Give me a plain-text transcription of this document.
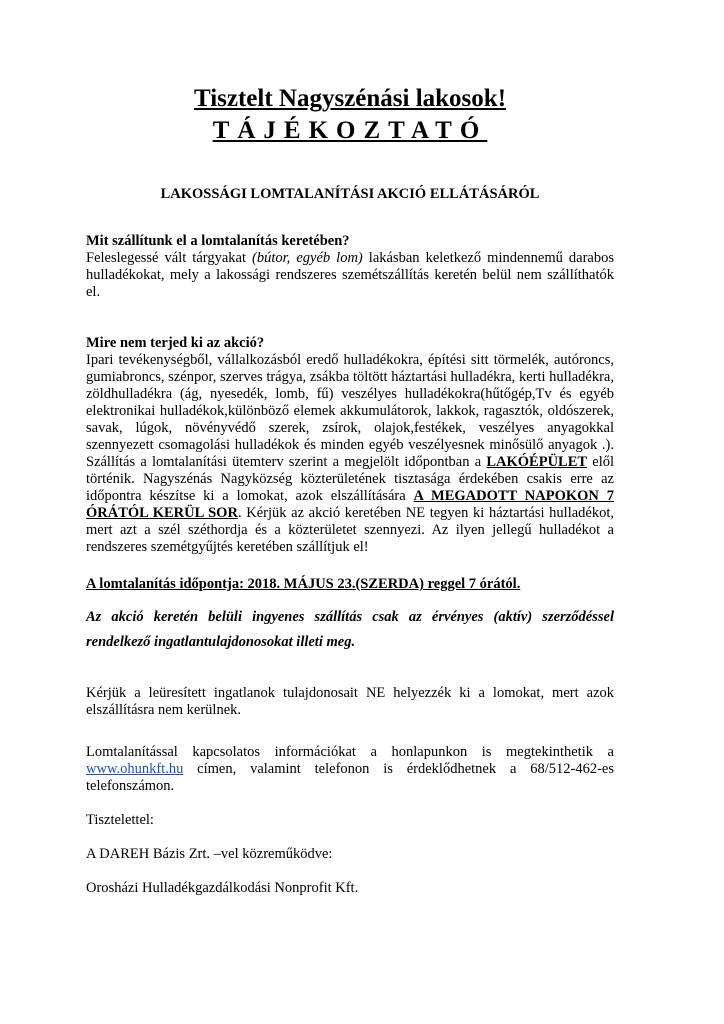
Tisztelt Nagyszénási lakosok!
TÁJÉKOZTATÓ
LAKOSSÁGI LOMTALANÍTÁSI AKCIÓ ELLÁTÁSÁRÓL
Mit szállítunk el a lomtalanítás keretében?

Feleslegessé vált tárgyakat (bútor, egyéb lom) lakásban keletkező mindennemű darabos hulladékokat, mely a lakossági rendszeres szemétszállítás keretén belül nem szállíthatók el.

Mire nem terjed ki az akció?

Ipari tevékenységből, vállalkozásból eredő hulladékokra, építési sitt törmelék, autóroncs, gumiabroncs, szénpor, szerves trágya, zsákba töltött háztartási hulladékra, kerti hulladékra, zöldhulladékra (ág, nyesedék, lomb, fű) veszélyes hulladékokra(hűtőgép,Tv és egyéb elektronikai hulladékok,különböző elemek akkumulátorok, lakkok, ragasztók, oldószerek, savak, lúgok, növényvédő szerek, zsírok, olajok,festékek, veszélyes anyagokkal szennyezett csomagolási hulladékok és minden egyéb veszélyesnek minősülő anyagok .). Szállítás a lomtalanítási ütemterv szerint a megjelölt időpontban a LAKÓÉPÜLET elől történik. Nagyszénás Nagyközség közterületének tisztasága érdekében csakis erre az időpontra készítse ki a lomokat, azok elszállítására A MEGADOTT NAPOKON 7 ÓRÁTÓL KERÜL SOR. Kérjük az akció keretében NE tegyen ki háztartási hulladékot, mert azt a szél széthordja és a közterületet szennyezi. Az ilyen jellegű hulladékot a rendszeres szemétgyűjtés keretében szállítjuk el!

A lomtalanítás időpontja: 2018. MÁJUS 23.(SZERDA) reggel 7 órától.

Az akció keretén belüli ingyenes szállítás csak az érvényes (aktív) szerződéssel rendelkező ingatlantulajdonosokat illeti meg.

Kérjük a leüresített ingatlanok tulajdonosait NE helyezzék ki a lomokat, mert azok elszállításra nem kerülnek.

Lomtalanítással kapcsolatos információkat a honlapunkon is megtekinthetik a www.ohunkft.hu címen, valamint telefonon is érdeklődhetnek a 68/512-462-es telefonszámon.

Tisztelettel:
A DAREH Bázis Zrt. –vel közreműködve:
Orosházi Hulladékgazdálkodási Nonprofit Kft.
